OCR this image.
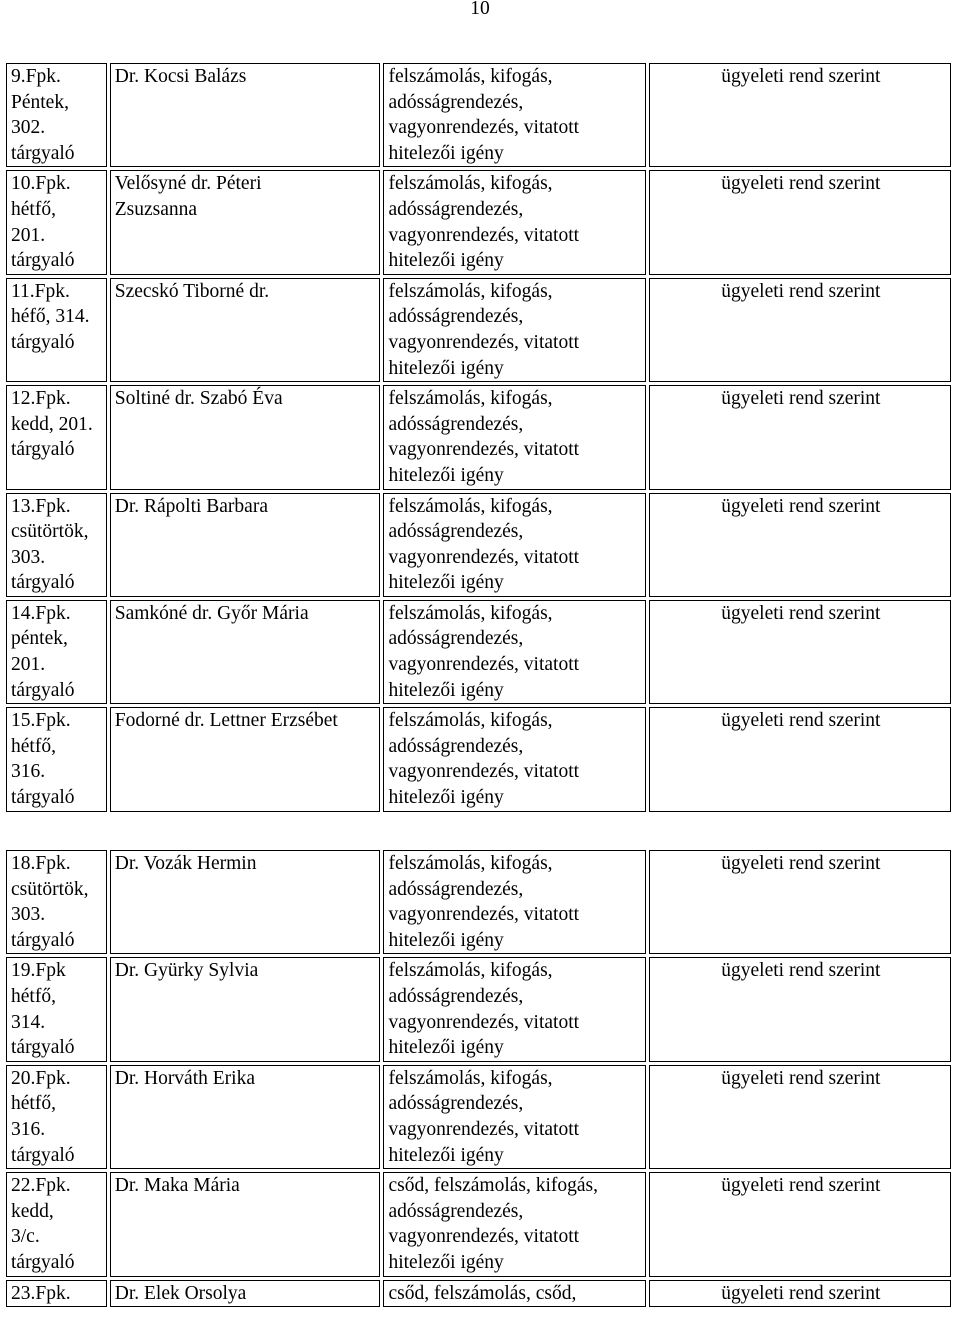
10
9.Fpk.
Péntek,
302.
tárgyaló	Dr. Kocsi Balázs	felszámolás, kifogás,
adósságrendezés,
vagyonrendezés, vitatott
hitelezői igény	ügyeleti rend szerint

10.Fpk.
hétfő,
201.
tárgyaló	Velősyné dr. Péteri
Zsuzsanna	felszámolás, kifogás,
adósságrendezés,
vagyonrendezés, vitatott
hitelezői igény	ügyeleti rend szerint

11.Fpk.
héfő, 314.
tárgyaló	Szecskó Tiborné dr.	felszámolás, kifogás,
adósságrendezés,
vagyonrendezés, vitatott
hitelezői igény	ügyeleti rend szerint

12.Fpk.
kedd, 201.
tárgyaló	Soltiné dr. Szabó Éva	felszámolás, kifogás,
adósságrendezés,
vagyonrendezés, vitatott
hitelezői igény	ügyeleti rend szerint

13.Fpk.
csütörtök,
303.
tárgyaló	Dr. Rápolti Barbara	felszámolás, kifogás,
adósságrendezés,
vagyonrendezés, vitatott
hitelezői igény	ügyeleti rend szerint

14.Fpk.
péntek,
201.
tárgyaló	Samkóné dr. Győr Mária	felszámolás, kifogás,
adósságrendezés,
vagyonrendezés, vitatott
hitelezői igény	ügyeleti rend szerint

15.Fpk.
hétfő,
316.
tárgyaló	Fodorné dr. Lettner Erzsébet	felszámolás, kifogás,
adósságrendezés,
vagyonrendezés, vitatott
hitelezői igény	ügyeleti rend szerint
18.Fpk.
csütörtök,
303.
tárgyaló	Dr. Vozák Hermin	felszámolás, kifogás,
adósságrendezés,
vagyonrendezés, vitatott
hitelezői igény	ügyeleti rend szerint

19.Fpk
hétfő,
314.
tárgyaló	Dr. Gyürky Sylvia	felszámolás, kifogás,
adósságrendezés,
vagyonrendezés, vitatott
hitelezői igény	ügyeleti rend szerint

20.Fpk.
hétfő,
316.
tárgyaló	Dr. Horváth Erika	felszámolás, kifogás,
adósságrendezés,
vagyonrendezés, vitatott
hitelezői igény	ügyeleti rend szerint

22.Fpk.
kedd,
3/c.
tárgyaló	Dr. Maka Mária	csőd, felszámolás, kifogás,
adósságrendezés,
vagyonrendezés, vitatott
hitelezői igény	ügyeleti rend szerint

23.Fpk.	Dr. Elek Orsolya	csőd, felszámolás, csőd,	ügyeleti rend szerint
